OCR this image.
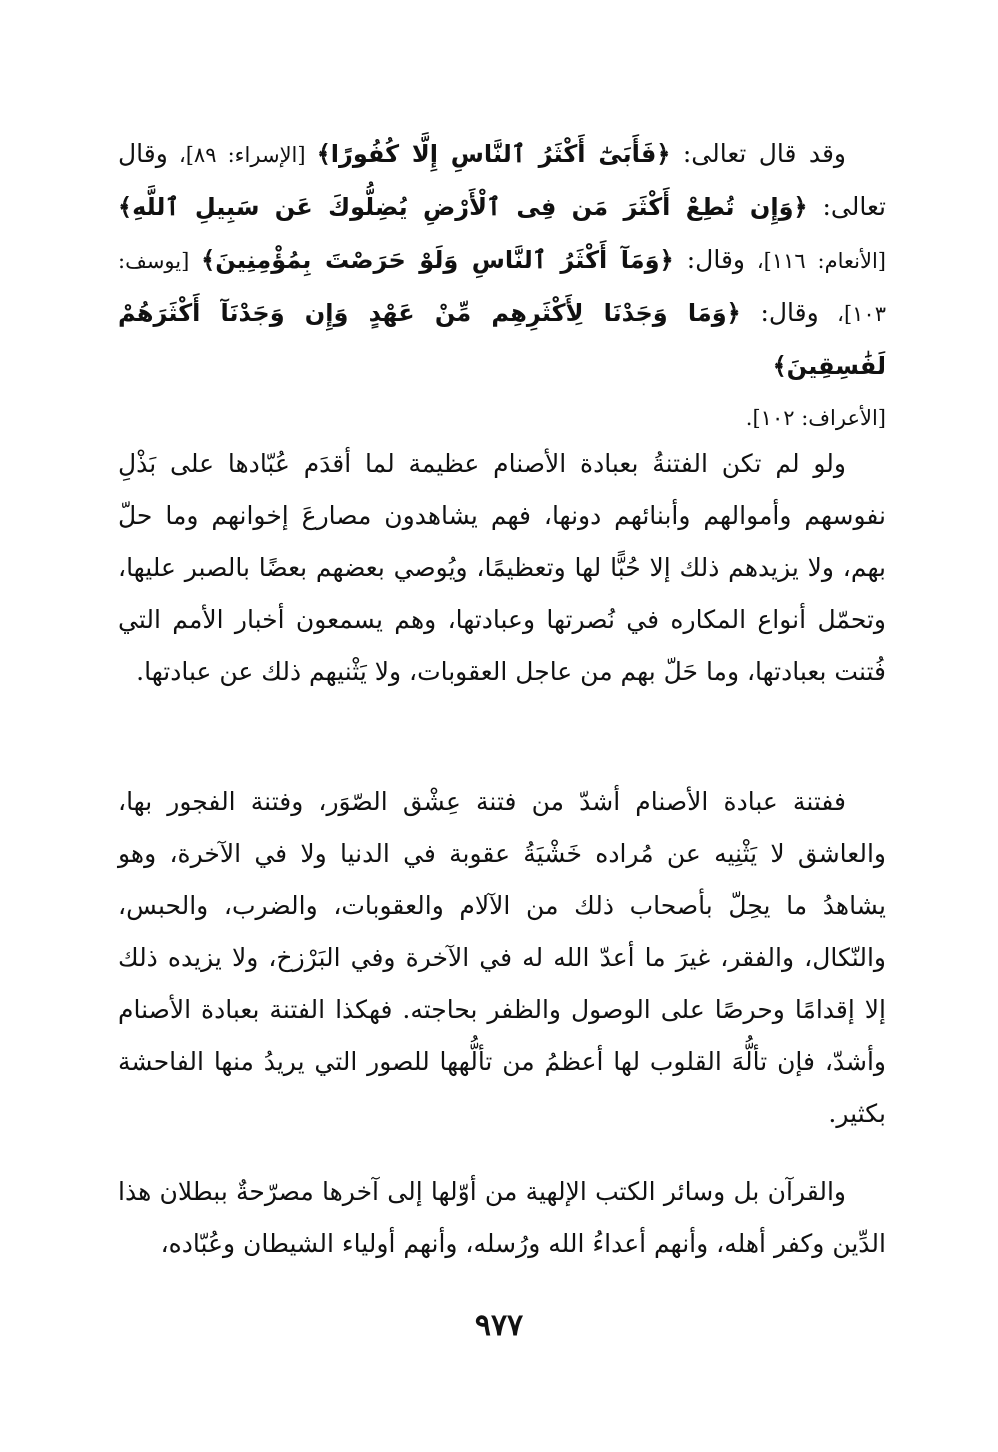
وقد قال تعالى: ﴿فَأَبَىٰٓ أَكْثَرُ ٱلنَّاسِ إِلَّا كُفُورًا﴾ [الإسراء: ٨٩]، وقال تعالى: ﴿وَإِن تُطِعْ أَكْثَرَ مَن فِى ٱلْأَرْضِ يُضِلُّوكَ عَن سَبِيلِ ٱللَّهِ﴾ [الأنعام: ١١٦]، وقال: ﴿وَمَآ أَكْثَرُ ٱلنَّاسِ وَلَوْ حَرَصْتَ بِمُؤْمِنِينَ﴾ [يوسف: ١٠٣]، وقال: ﴿وَمَا وَجَدْنَا لِأَكْثَرِهِم مِّنْ عَهْدٍ وَإِن وَجَدْنَآ أَكْثَرَهُمْ لَفَٰسِقِينَ﴾
[الأعراف: ١٠٢].

ولو لم تكن الفتنةُ بعبادة الأصنام عظيمة لما أقدَم عُبّادها على بَذْلِ نفوسهم وأموالهم وأبنائهم دونها، فهم يشاهدون مصارعَ إخوانهم وما حلّ بهم، ولا يزيدهم ذلك إلا حُبًّا لها وتعظيمًا، ويُوصي بعضهم بعضًا بالصبر عليها، وتحمّل أنواع المكاره في نُصرتها وعبادتها، وهم يسمعون أخبار الأمم التي فُتنت بعبادتها، وما حَلّ بهم من عاجل العقوبات، ولا يَثْنيهم ذلك عن عبادتها.

ففتنة عبادة الأصنام أشدّ من فتنة عِشْق الصّوَر، وفتنة الفجور بها، والعاشق لا يَثْنِيه عن مُراده خَشْيَةُ عقوبة في الدنيا ولا في الآخرة، وهو يشاهدُ ما يحِلّ بأصحاب ذلك من الآلام والعقوبات، والضرب، والحبس، والنّكال، والفقر، غيرَ ما أعدّ الله له في الآخرة وفي البَرْزخ، ولا يزيده ذلك إلا إقدامًا وحرصًا على الوصول والظفر بحاجته. فهكذا الفتنة بعبادة الأصنام وأشدّ، فإن تألُّهَ القلوب لها أعظمُ من تألُّهها للصور التي يريدُ منها الفاحشة بكثير.

والقرآن بل وسائر الكتب الإلهية من أوّلها إلى آخرها مصرّحةٌ ببطلان هذا الدِّين وكفر أهله، وأنهم أعداءُ الله ورُسله، وأنهم أولياء الشيطان وعُبّاده،

٩٧٧
